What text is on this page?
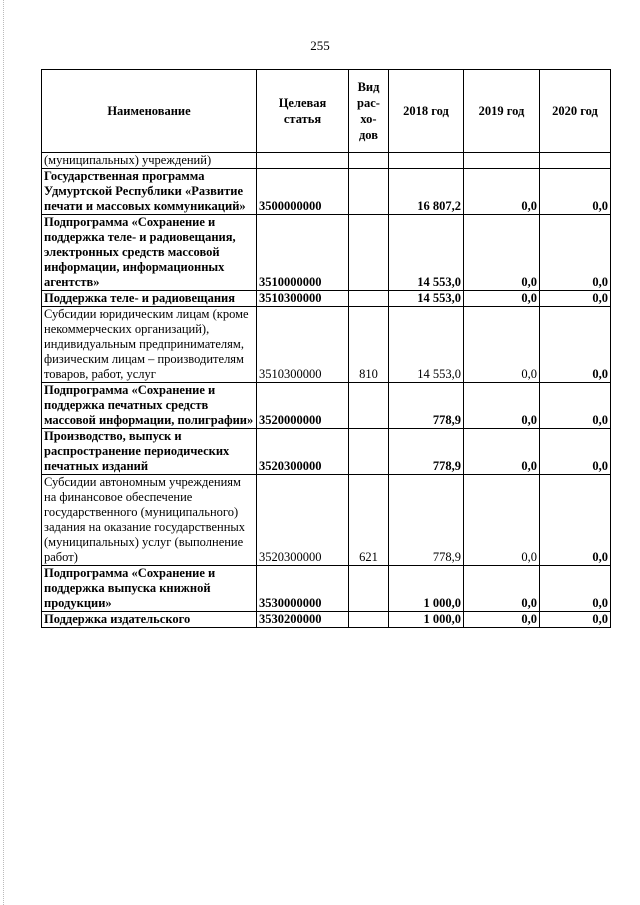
255
Наименование	Целевая статья	Вид рас-хо-дов	2018 год	2019 год	2020 год
(муниципальных) учреждений)					
Государственная программа Удмуртской Республики «Развитие печати и массовых коммуникаций»	3500000000		16 807,2	0,0	0,0
Подпрограмма «Сохранение и поддержка теле- и радиовещания, электронных средств массовой информации, информационных агентств»	3510000000		14 553,0	0,0	0,0
Поддержка теле- и радиовещания	3510300000		14 553,0	0,0	0,0
Субсидии юридическим лицам (кроме некоммерческих организаций), индивидуальным предпринимателям, физическим лицам – производителям товаров, работ, услуг	3510300000	810	14 553,0	0,0	0,0
Подпрограмма «Сохранение и поддержка печатных средств массовой информации, полиграфии»	3520000000		778,9	0,0	0,0
Производство, выпуск и распространение периодических печатных изданий	3520300000		778,9	0,0	0,0
Субсидии автономным учреждениям на финансовое обеспечение государственного (муниципального) задания на оказание государственных (муниципальных) услуг (выполнение работ)	3520300000	621	778,9	0,0	0,0
Подпрограмма «Сохранение и поддержка выпуска книжной продукции»	3530000000		1 000,0	0,0	0,0
Поддержка издательского	3530200000		1 000,0	0,0	0,0
